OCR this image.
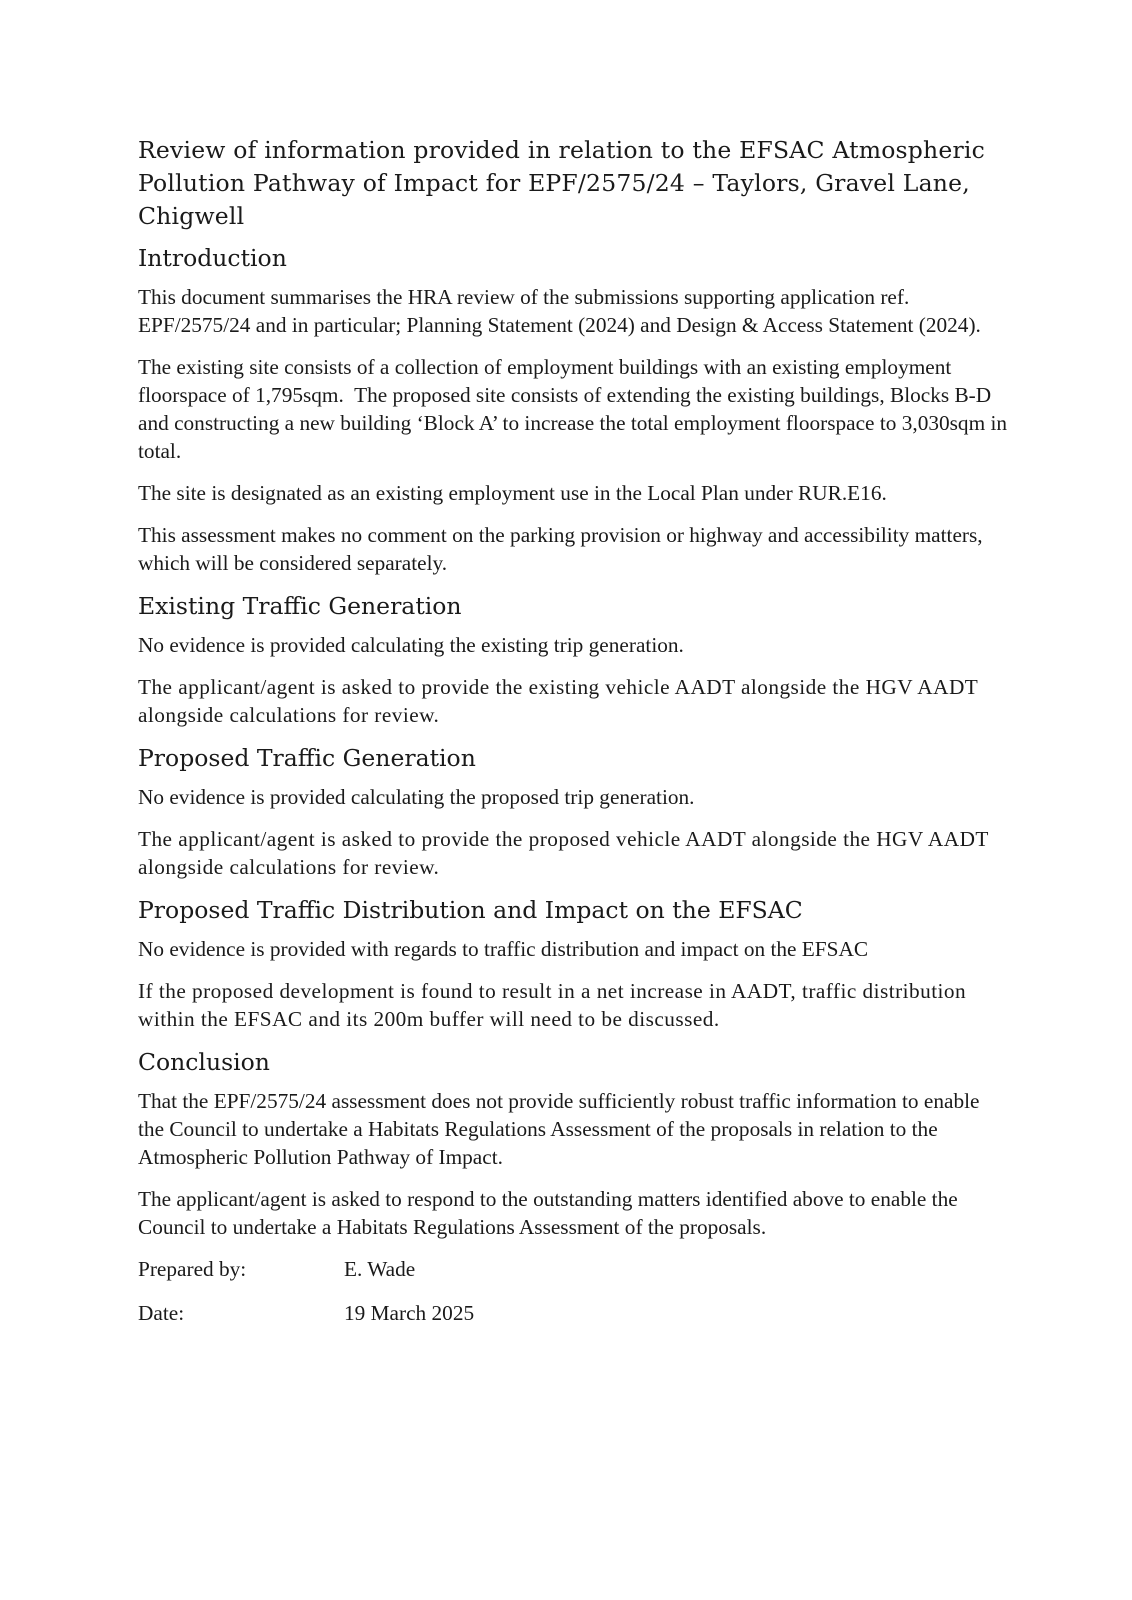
Review of information provided in relation to the EFSAC Atmospheric Pollution Pathway of Impact for EPF/2575/24 – Taylors, Gravel Lane, Chigwell
Introduction

This document summarises the HRA review of the submissions supporting application ref. EPF/2575/24 and in particular; Planning Statement (2024) and Design & Access Statement (2024).

The existing site consists of a collection of employment buildings with an existing employment floorspace of 1,795sqm.  The proposed site consists of extending the existing buildings, Blocks B-D and constructing a new building ‘Block A’ to increase the total employment floorspace to 3,030sqm in total.

The site is designated as an existing employment use in the Local Plan under RUR.E16.

This assessment makes no comment on the parking provision or highway and accessibility matters, which will be considered separately.

Existing Traffic Generation

No evidence is provided calculating the existing trip generation.

The applicant/agent is asked to provide the existing vehicle AADT alongside the HGV AADT alongside calculations for review.

Proposed Traffic Generation

No evidence is provided calculating the proposed trip generation.

The applicant/agent is asked to provide the proposed vehicle AADT alongside the HGV AADT alongside calculations for review.

Proposed Traffic Distribution and Impact on the EFSAC

No evidence is provided with regards to traffic distribution and impact on the EFSAC

If the proposed development is found to result in a net increase in AADT, traffic distribution within the EFSAC and its 200m buffer will need to be discussed.

Conclusion

That the EPF/2575/24 assessment does not provide sufficiently robust traffic information to enable the Council to undertake a Habitats Regulations Assessment of the proposals in relation to the Atmospheric Pollution Pathway of Impact.

The applicant/agent is asked to respond to the outstanding matters identified above to enable the Council to undertake a Habitats Regulations Assessment of the proposals.

Prepared by:	E. Wade
Date:	19 March 2025
